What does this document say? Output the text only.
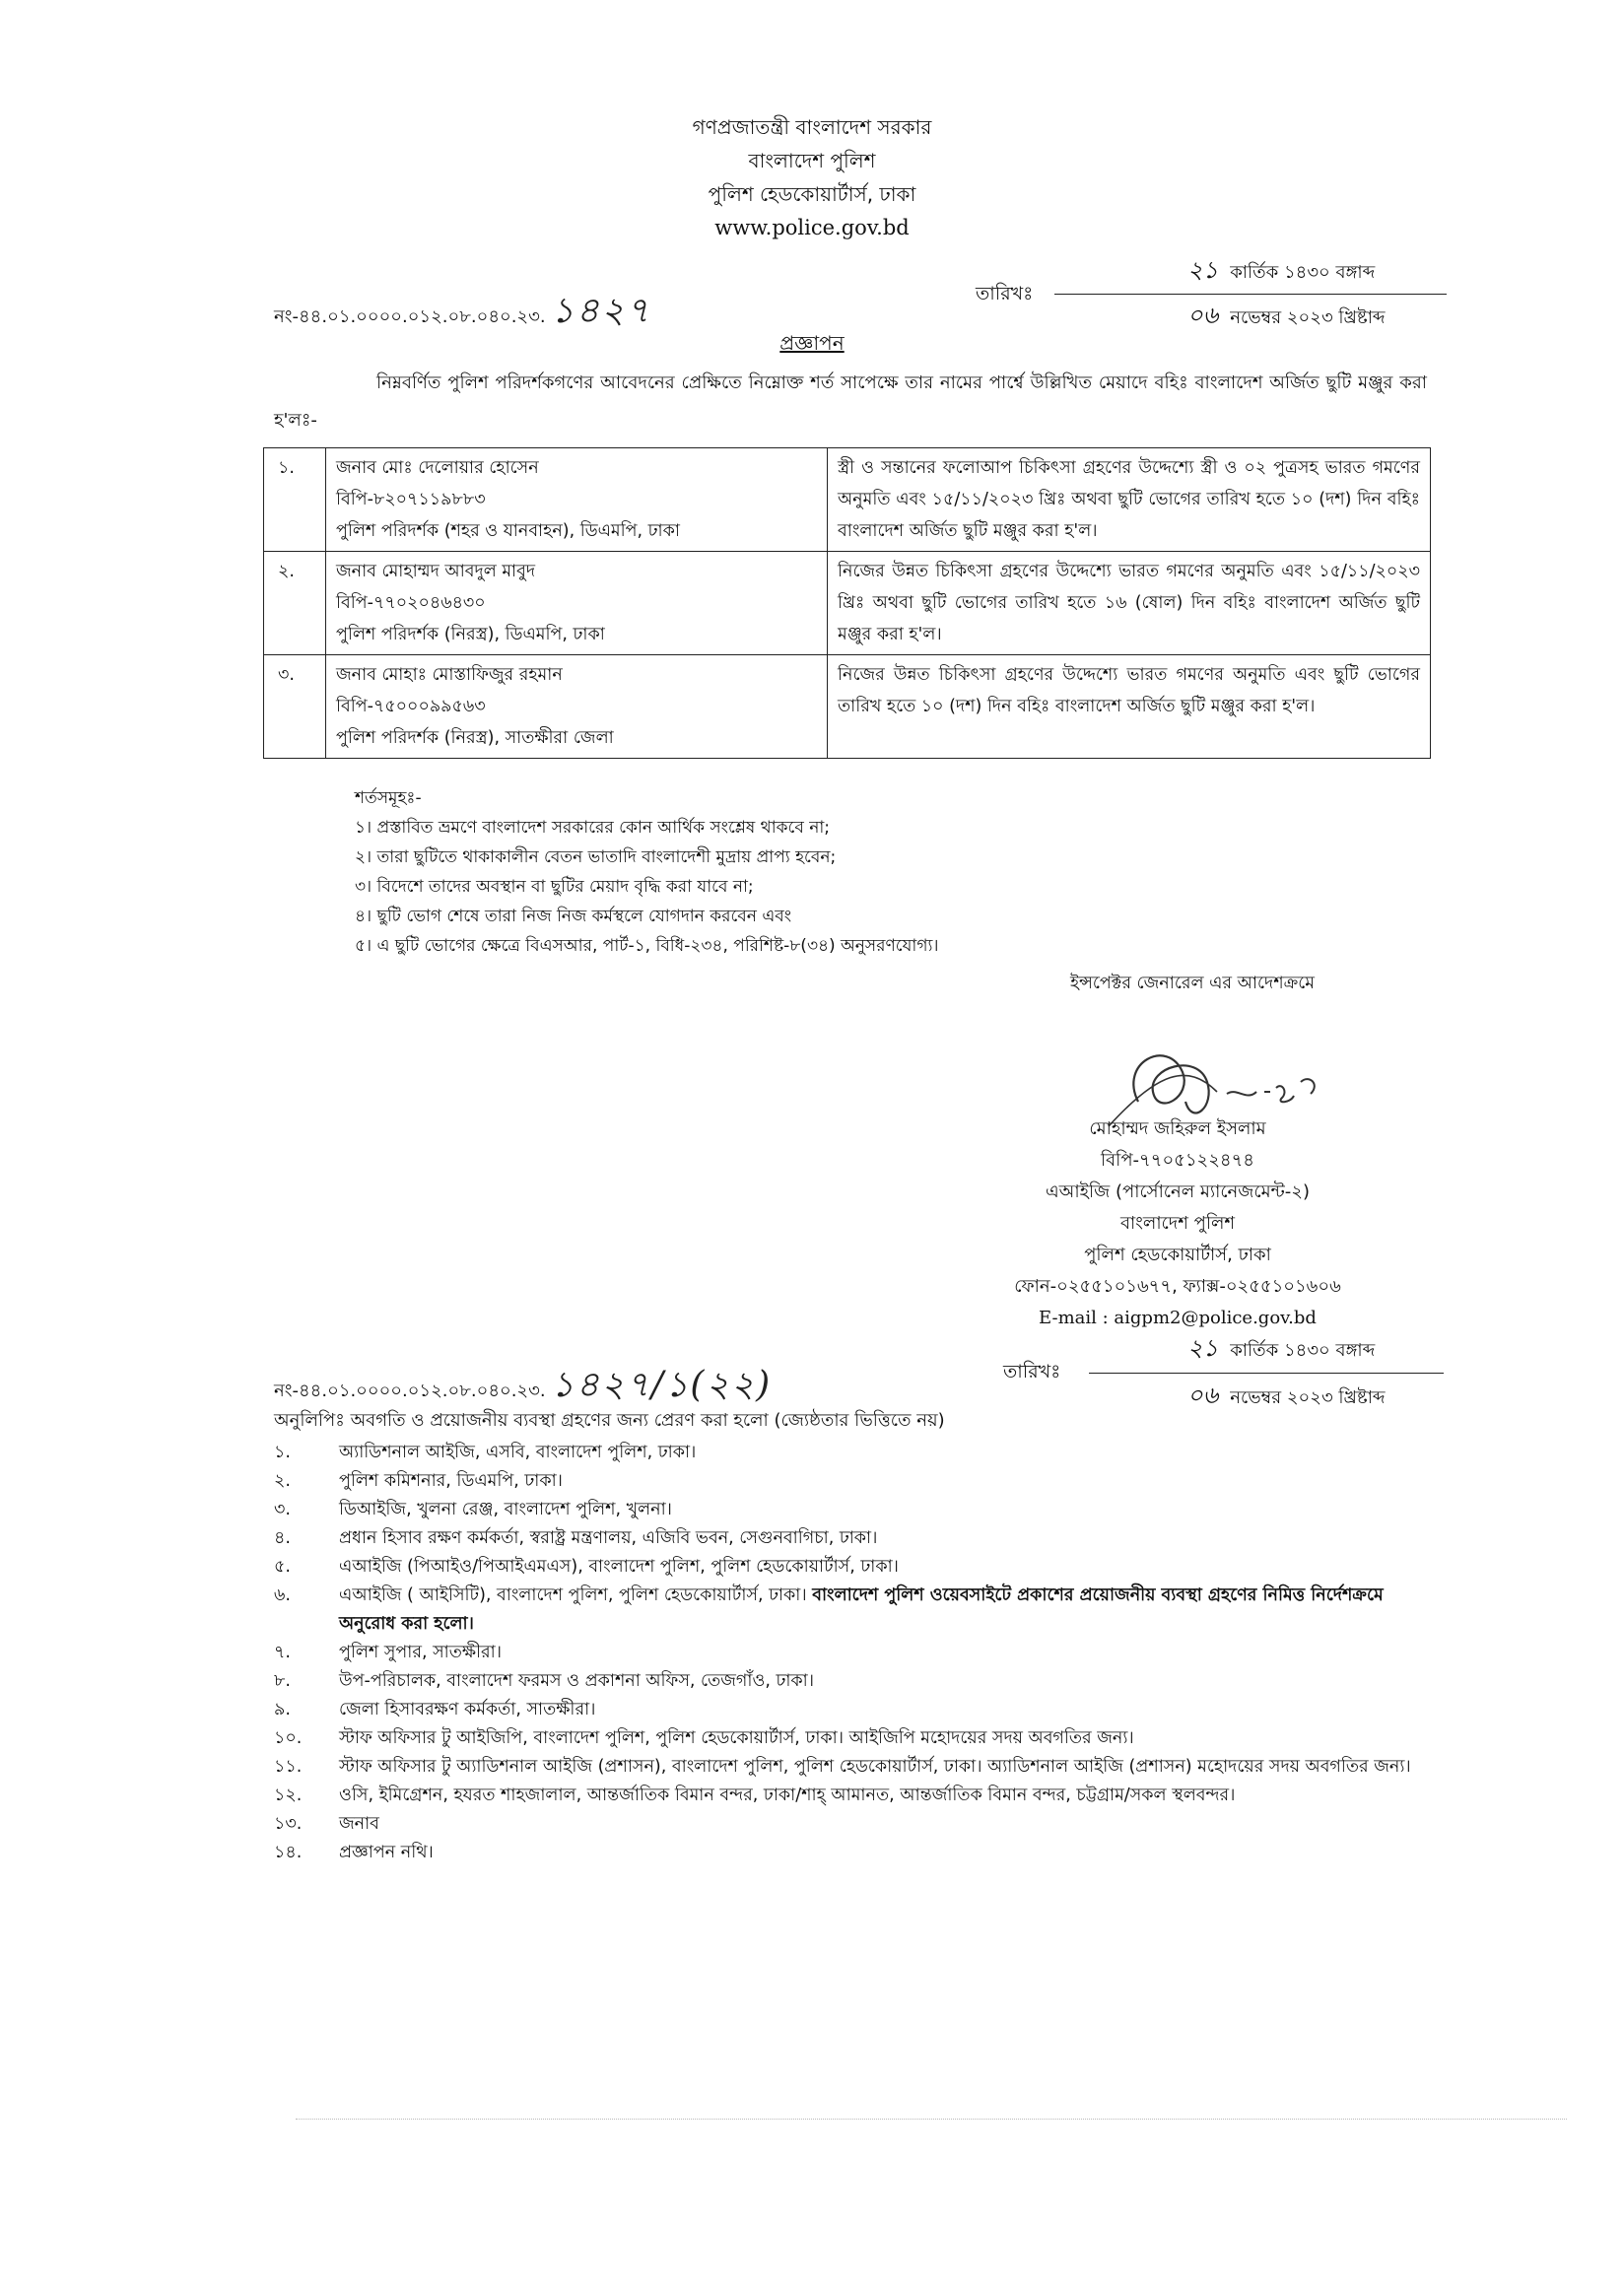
গণপ্রজাতন্ত্রী বাংলাদেশ সরকার
বাংলাদেশ পুলিশ
পুলিশ হেডকোয়ার্টার্স, ঢাকা
www.police.gov.bd
নং-৪৪.০১.০০০০.০১২.০৮.০৪০.২৩. ১৪২৭	তারিখঃ
২১ কার্তিক ১৪৩০ বঙ্গাব্দ
০৬ নভেম্বর ২০২৩ খ্রিষ্টাব্দ
প্রজ্ঞাপন
নিম্নবর্ণিত পুলিশ পরিদর্শকগণের আবেদনের প্রেক্ষিতে নিম্নোক্ত শর্ত সাপেক্ষে তার নামের পার্শ্বে উল্লিখিত মেয়াদে বহিঃ বাংলাদেশ অর্জিত ছুটি মঞ্জুর করা হ'লঃ-
১.	জনাব মোঃ দেলোয়ার হোসেন
বিপি-৮২০৭১১৯৮৮৩
পুলিশ পরিদর্শক (শহর ও যানবাহন), ডিএমপি, ঢাকা	স্ত্রী ও সন্তানের ফলোআপ চিকিৎসা গ্রহণের উদ্দেশ্যে স্ত্রী ও ০২ পুত্রসহ ভারত গমণের অনুমতি এবং ১৫/১১/২০২৩ খ্রিঃ অথবা ছুটি ভোগের তারিখ হতে ১০ (দশ) দিন বহিঃ বাংলাদেশ অর্জিত ছুটি মঞ্জুর করা হ'ল।
২.	জনাব মোহাম্মদ আবদুল মাবুদ
বিপি-৭৭০২০৪৬৪৩০
পুলিশ পরিদর্শক (নিরস্ত্র), ডিএমপি, ঢাকা	নিজের উন্নত চিকিৎসা গ্রহণের উদ্দেশ্যে ভারত গমণের অনুমতি এবং ১৫/১১/২০২৩ খ্রিঃ অথবা ছুটি ভোগের তারিখ হতে ১৬ (ষোল) দিন বহিঃ বাংলাদেশ অর্জিত ছুটি মঞ্জুর করা হ'ল।
৩.	জনাব মোহাঃ মোস্তাফিজুর রহমান
বিপি-৭৫০০০৯৯৫৬৩
পুলিশ পরিদর্শক (নিরস্ত্র), সাতক্ষীরা জেলা	নিজের উন্নত চিকিৎসা গ্রহণের উদ্দেশ্যে ভারত গমণের অনুমতি এবং ছুটি ভোগের তারিখ হতে ১০ (দশ) দিন বহিঃ বাংলাদেশ অর্জিত ছুটি মঞ্জুর করা হ'ল।
শর্তসমূহঃ-
১। প্রস্তাবিত ভ্রমণে বাংলাদেশ সরকারের কোন আর্থিক সংশ্লেষ থাকবে না;
২। তারা ছুটিতে থাকাকালীন বেতন ভাতাদি বাংলাদেশী মুদ্রায় প্রাপ্য হবেন;
৩। বিদেশে তাদের অবস্থান বা ছুটির মেয়াদ বৃদ্ধি করা যাবে না;
৪। ছুটি ভোগ শেষে তারা নিজ নিজ কর্মস্থলে যোগদান করবেন এবং
৫। এ ছুটি ভোগের ক্ষেত্রে বিএসআর, পার্ট-১, বিধি-২৩৪, পরিশিষ্ট-৮(৩৪) অনুসরণযোগ্য।
ইন্সপেক্টর জেনারেল এর আদেশক্রমে
মোহাম্মদ জহিরুল ইসলাম
বিপি-৭৭০৫১২২৪৭৪
এআইজি (পার্সোনেল ম্যানেজমেন্ট-২)
বাংলাদেশ পুলিশ
পুলিশ হেডকোয়ার্টার্স, ঢাকা
ফোন-০২৫৫১০১৬৭৭, ফ্যাক্স-০২৫৫১০১৬০৬
E-mail : aigpm2@police.gov.bd
নং-৪৪.০১.০০০০.০১২.০৮.০৪০.২৩. ১৪২৭/১(২২)	তারিখঃ
২১ কার্তিক ১৪৩০ বঙ্গাব্দ
০৬ নভেম্বর ২০২৩ খ্রিষ্টাব্দ
অনুলিপিঃ অবগতি ও প্রয়োজনীয় ব্যবস্থা গ্রহণের জন্য প্রেরণ করা হলো (জ্যেষ্ঠতার ভিত্তিতে নয়)
১.	অ্যাডিশনাল আইজি, এসবি, বাংলাদেশ পুলিশ, ঢাকা।
২.	পুলিশ কমিশনার, ডিএমপি, ঢাকা।
৩.	ডিআইজি, খুলনা রেঞ্জ, বাংলাদেশ পুলিশ, খুলনা।
৪.	প্রধান হিসাব রক্ষণ কর্মকর্তা, স্বরাষ্ট্র মন্ত্রণালয়, এজিবি ভবন, সেগুনবাগিচা, ঢাকা।
৫.	এআইজি (পিআইও/পিআইএমএস), বাংলাদেশ পুলিশ, পুলিশ হেডকোয়ার্টার্স, ঢাকা।
৬.	এআইজি ( আইসিটি), বাংলাদেশ পুলিশ, পুলিশ হেডকোয়ার্টার্স, ঢাকা। বাংলাদেশ পুলিশ ওয়েবসাইটে প্রকাশের প্রয়োজনীয় ব্যবস্থা গ্রহণের নিমিত্ত নির্দেশক্রমে অনুরোধ করা হলো।
৭.	পুলিশ সুপার, সাতক্ষীরা।
৮.	উপ-পরিচালক, বাংলাদেশ ফরমস ও প্রকাশনা অফিস, তেজগাঁও, ঢাকা।
৯.	জেলা হিসাবরক্ষণ কর্মকর্তা, সাতক্ষীরা।
১০.	স্টাফ অফিসার টু আইজিপি, বাংলাদেশ পুলিশ, পুলিশ হেডকোয়ার্টার্স, ঢাকা। আইজিপি মহোদয়ের সদয় অবগতির জন্য।
১১.	স্টাফ অফিসার টু অ্যাডিশনাল আইজি (প্রশাসন), বাংলাদেশ পুলিশ, পুলিশ হেডকোয়ার্টার্স, ঢাকা। অ্যাডিশনাল আইজি (প্রশাসন) মহোদয়ের সদয় অবগতির জন্য।
১২.	ওসি, ইমিগ্রেশন, হযরত শাহজালাল, আন্তর্জাতিক বিমান বন্দর, ঢাকা/শাহ্ আমানত, আন্তর্জাতিক বিমান বন্দর, চট্টগ্রাম/সকল স্থলবন্দর।
১৩.	জনাব
১৪.	প্রজ্ঞাপন নথি।
